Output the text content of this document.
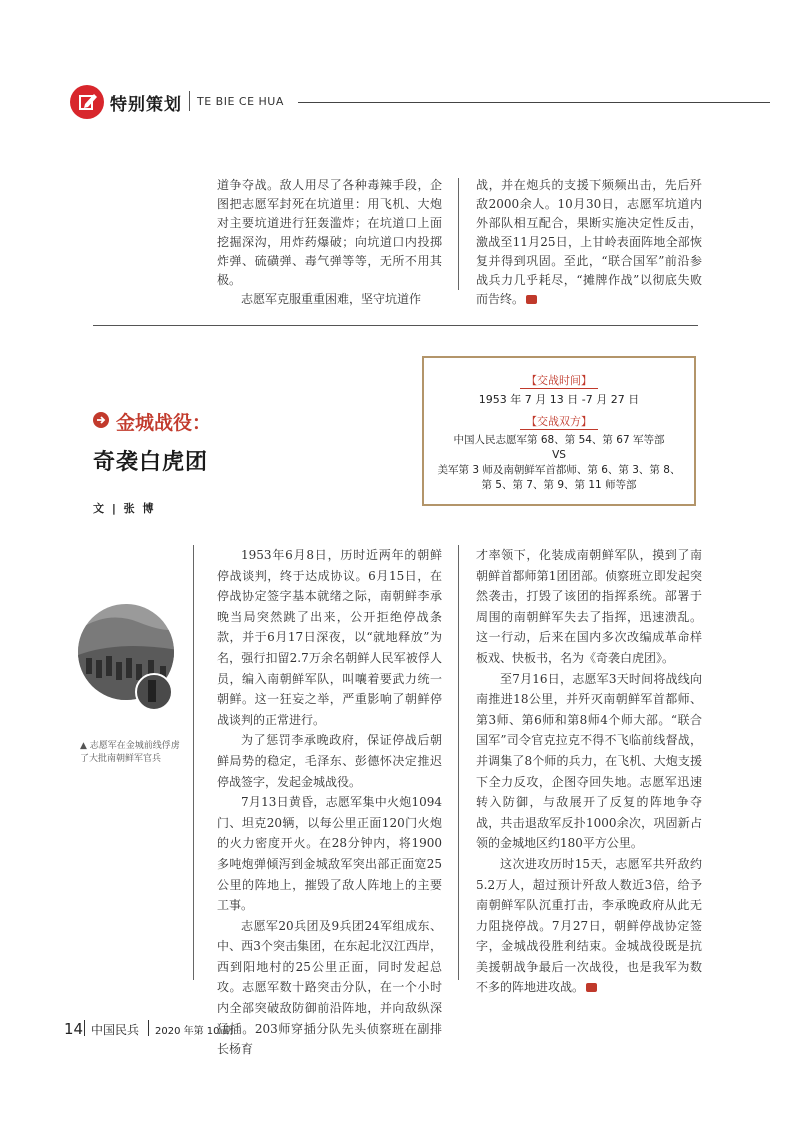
特别策划 TE BIE CE HUA

道争夺战。敌人用尽了各种毒辣手段，企图把志愿军封死在坑道里：用飞机、大炮对主要坑道进行狂轰滥炸；在坑道口上面挖掘深沟，用炸药爆破；向坑道口内投掷炸弹、硫磺弹、毒气弹等等，无所不用其极。

志愿军克服重重困难，坚守坑道作

战，并在炮兵的支援下频频出击，先后歼敌2000余人。10月30日，志愿军坑道内外部队相互配合，果断实施决定性反击，激战至11月25日，上甘岭表面阵地全部恢复并得到巩固。至此，“联合国军”前沿参战兵力几乎耗尽，“摊牌作战”以彻底失败而告终。

【交战时间】
1953 年 7 月 13 日 -7 月 27 日
【交战双方】
中国人民志愿军第 68、第 54、第 67 军等部
VS
美军第 3 师及南朝鲜军首都师、第 6、第 3、第 8、
第 5、第 7、第 9、第 11 师等部
金城战役：
奇袭白虎团
文 | 张 博
▲ 志愿军在金城前线俘虏了大批南朝鲜军官兵

1953年6月8日，历时近两年的朝鲜停战谈判，终于达成协议。6月15日，在停战协定签字基本就绪之际，南朝鲜李承晚当局突然跳了出来，公开拒绝停战条款，并于6月17日深夜，以“就地释放”为名，强行扣留2.7万余名朝鲜人民军被俘人员，编入南朝鲜军队，叫嚷着要武力统一朝鲜。这一狂妄之举，严重影响了朝鲜停战谈判的正常进行。

为了惩罚李承晚政府，保证停战后朝鲜局势的稳定，毛泽东、彭德怀决定推迟停战签字，发起金城战役。

7月13日黄昏，志愿军集中火炮1094门、坦克20辆，以每公里正面120门火炮的火力密度开火。在28分钟内，将1900多吨炮弹倾泻到金城敌军突出部正面宽25公里的阵地上，摧毁了敌人阵地上的主要工事。

志愿军20兵团及9兵团24军组成东、中、西3个突击集团，在东起北汉江西岸，西到阳地村的25公里正面，同时发起总攻。志愿军数十路突击分队，在一个小时内全部突破敌防御前沿阵地，并向敌纵深猛插。203师穿插分队先头侦察班在副排长杨育

才率领下，化装成南朝鲜军队，摸到了南朝鲜首都师第1团团部。侦察班立即发起突然袭击，打毁了该团的指挥系统。部署于周围的南朝鲜军失去了指挥，迅速溃乱。这一行动，后来在国内多次改编成革命样板戏、快板书，名为《奇袭白虎团》。

至7月16日，志愿军3天时间将战线向南推进18公里，并歼灭南朝鲜军首都师、第3师、第6师和第8师4个师大部。“联合国军”司令官克拉克不得不飞临前线督战，并调集了8个师的兵力，在飞机、大炮支援下全力反攻，企图夺回失地。志愿军迅速转入防御，与敌展开了反复的阵地争夺战，共击退敌军反扑1000余次，巩固新占领的金城地区约180平方公里。

这次进攻历时15天，志愿军共歼敌约5.2万人，超过预计歼敌人数近3倍，给予南朝鲜军队沉重打击，李承晚政府从此无力阻挠停战。7月27日，朝鲜停战协定签字，金城战役胜利结束。金城战役既是抗美援朝战争最后一次战役，也是我军为数不多的阵地进攻战。

14 中国民兵 2020 年第 10 期
